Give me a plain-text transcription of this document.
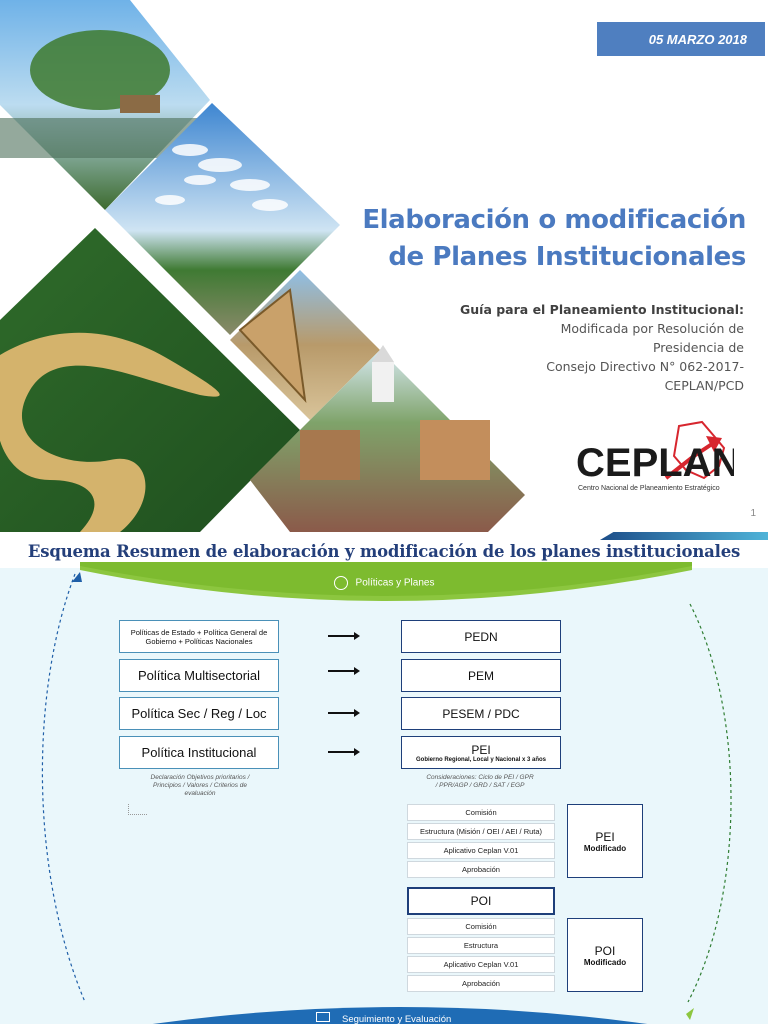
05 MARZO 2018
Elaboración o modificación
de Planes Institucionales
Guía para el Planeamiento Institucional:
Modificada por Resolución de
Presidencia de
Consejo Directivo N° 062-2017-
CEPLAN/PCD
CEPLAN
Centro Nacional de Planeamiento Estratégico
1
Esquema Resumen de elaboración y modificación de los planes institucionales
Políticas y Planes
Políticas de Estado + Política General de Gobierno + Políticas Nacionales	PEDN
Política Multisectorial	PEM
Política Sec / Reg / Loc	PESEM / PDC
Política Institucional	PEI
Gobierno Regional, Local y Nacional x 3 años
Declaración Objetivos prioritarios / Principios / Valores / Criterios de evaluación
Consideraciones: Ciclo de PEI / GPR / PPR/AGP / GRD / SAT / EGP
Comisión
Estructura (Misión / OEI / AEI / Ruta)
Aplicativo Ceplan V.01
Aprobación
PEI
Modificado
POI
Comisión
Estructura
Aplicativo Ceplan V.01
Aprobación
POI
Modificado
Seguimiento y Evaluación
